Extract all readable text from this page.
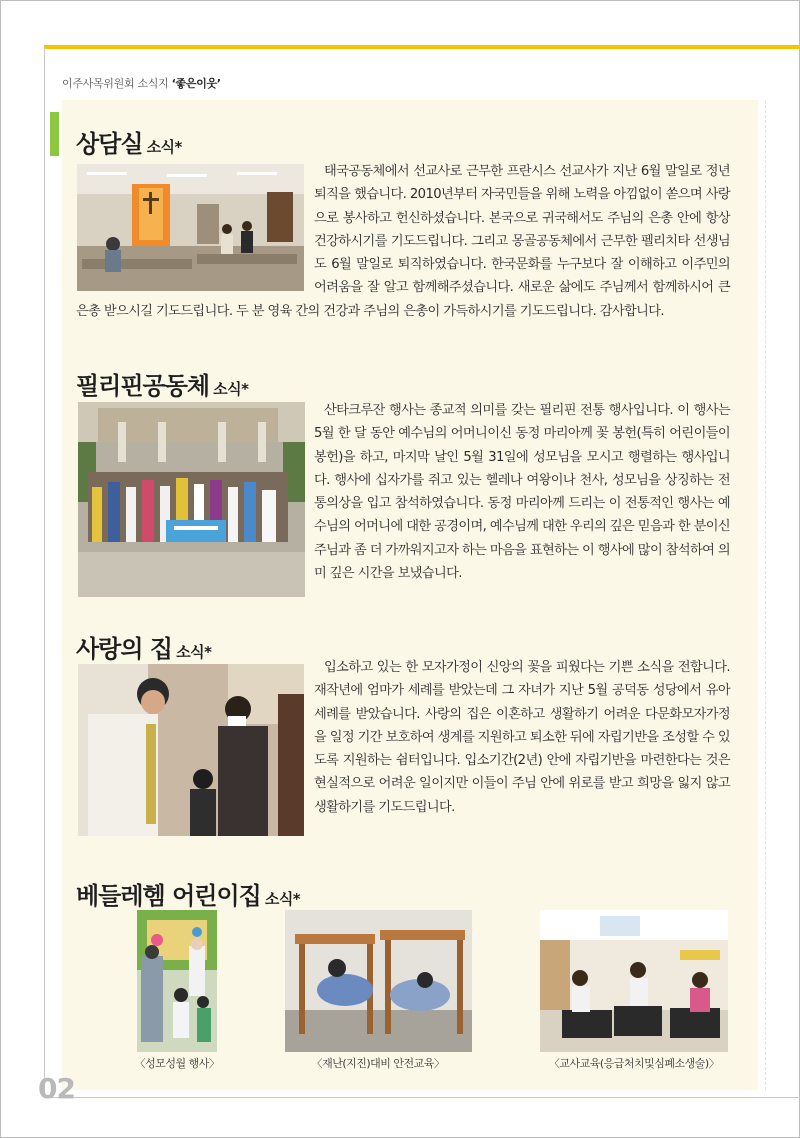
이주사목위원회 소식지 ‘좋은이웃’
상담실 소식*
태국공동체에서 선교사로 근무한 프란시스 선교사가 지난 6월 말일로 정년퇴직을 했습니다. 2010년부터 자국민들을 위해 노력을 아낌없이 쏟으며 사랑으로 봉사하고 헌신하셨습니다. 본국으로 귀국해서도 주님의 은총 안에 항상 건강하시기를 기도드립니다. 그리고 몽골공동체에서 근무한 펠리치타 선생님도 6월 말일로 퇴직하였습니다. 한국문화를 누구보다 잘 이해하고 이주민의 어려움을 잘 알고 함께해주셨습니다. 새로운 삶에도 주님께서 함께하시어 큰 은총 받으시길 기도드립니다. 두 분 영육 간의 건강과 주님의 은총이 가득하시기를 기도드립니다. 감사합니다.
필리핀공동체 소식*
산타크루잔 행사는 종교적 의미를 갖는 필리핀 전통 행사입니다. 이 행사는 5월 한 달 동안 예수님의 어머니이신 동정 마리아께 꽃 봉헌(특히 어린이들이 봉헌)을 하고, 마지막 날인 5월 31일에 성모님을 모시고 행렬하는 행사입니다. 행사에 십자가를 쥐고 있는 헬레나 여왕이나 천사, 성모님을 상징하는 전통의상을 입고 참석하였습니다. 동정 마리아께 드리는 이 전통적인 행사는 예수님의 어머니에 대한 공경이며, 예수님께 대한 우리의 깊은 믿음과 한 분이신 주님과 좀 더 가까워지고자 하는 마음을 표현하는 이 행사에 많이 참석하여 의미 깊은 시간을 보냈습니다.
사랑의 집 소식*
입소하고 있는 한 모자가정이 신앙의 꽃을 피웠다는 기쁜 소식을 전합니다. 재작년에 엄마가 세례를 받았는데 그 자녀가 지난 5월 공덕동 성당에서 유아세례를 받았습니다. 사랑의 집은 이혼하고 생활하기 어려운 다문화모자가정을 일정 기간 보호하여 생계를 지원하고 퇴소한 뒤에 자립기반을 조성할 수 있도록 지원하는 쉼터입니다. 입소기간(2년) 안에 자립기반을 마련한다는 것은 현실적으로 어려운 일이지만 이들이 주님 안에 위로를 받고 희망을 잃지 않고 생활하기를 기도드립니다.
베들레헴 어린이집 소식*
〈성모성월 행사〉	〈재난(지진)대비 안전교육〉	〈교사교육(응급처치및심폐소생술)〉
02
